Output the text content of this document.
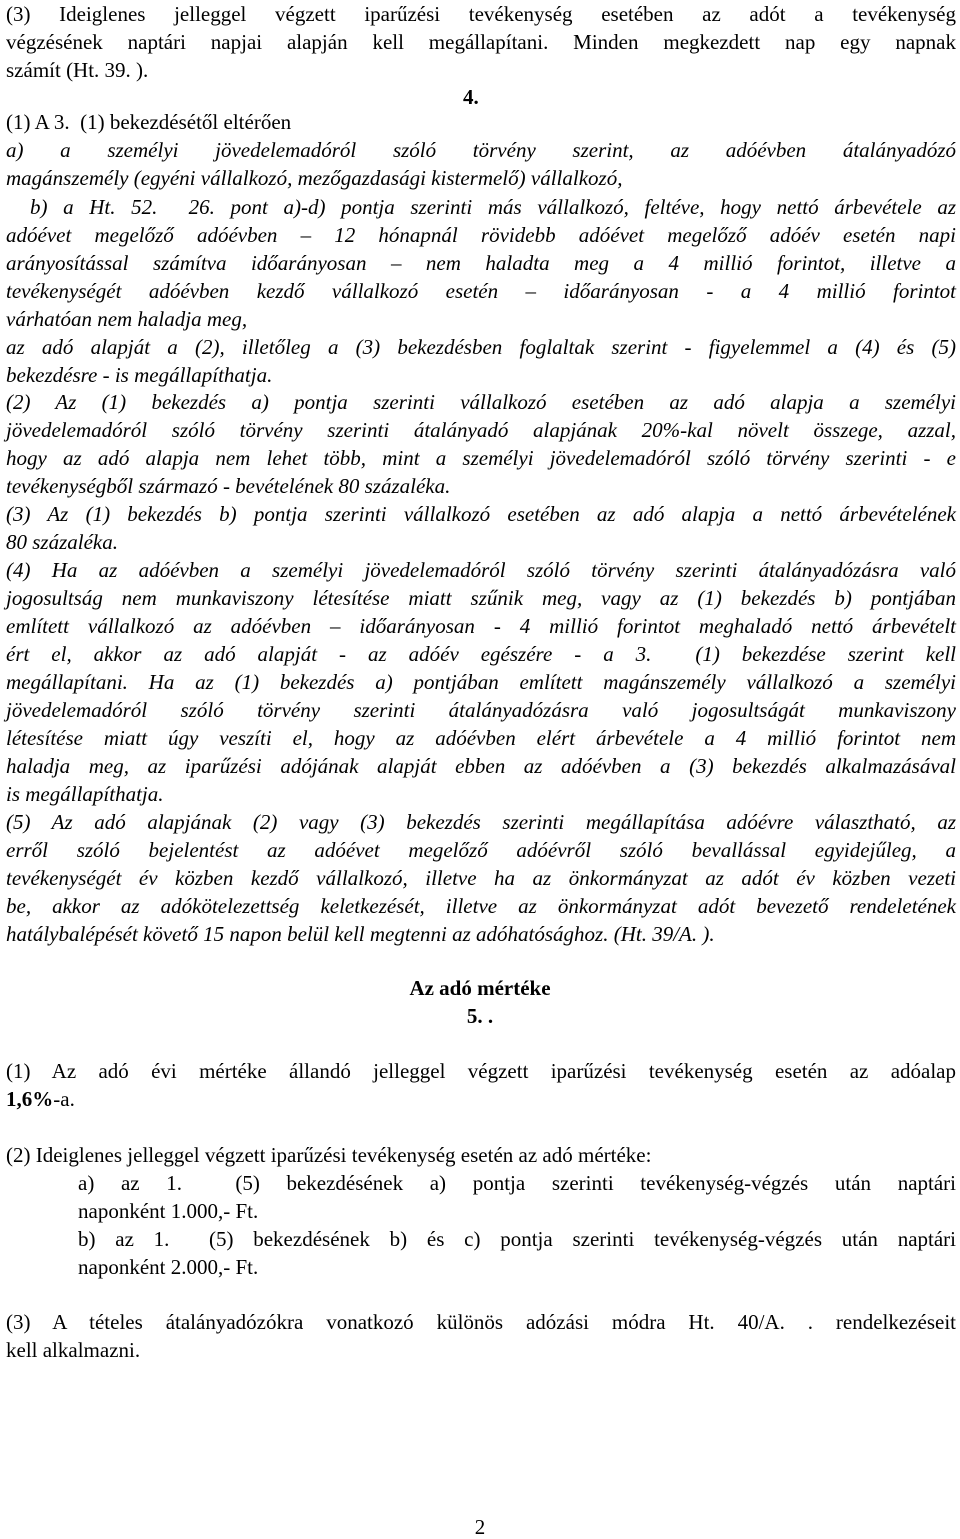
(3) Ideiglenes jelleggel végzett iparűzési tevékenység esetében az adót a tevékenység
végzésének naptári napjai alapján kell megállapítani. Minden megkezdett nap egy napnak
számít (Ht. 39. ).
4.
(1) A 3.  (1) bekezdésétől eltérően
a) a személyi jövedelemadóról szóló törvény szerint, az adóévben átalányadózó
magánszemély (egyéni vállalkozó, mezőgazdasági kistermelő) vállalkozó,
b) a Ht. 52.  26. pont a)-d) pontja szerinti más vállalkozó, feltéve, hogy nettó árbevétele az
adóévet megelőző adóévben – 12 hónapnál rövidebb adóévet megelőző adóév esetén napi
arányosítással számítva időarányosan – nem haladta meg a 4 millió forintot, illetve a
tevékenységét adóévben kezdő vállalkozó esetén – időarányosan - a 4 millió forintot
várhatóan nem haladja meg,
az adó alapját a (2), illetőleg a (3) bekezdésben foglaltak szerint - figyelemmel a (4) és (5)
bekezdésre - is megállapíthatja.
(2) Az (1) bekezdés a) pontja szerinti vállalkozó esetében az adó alapja a személyi
jövedelemadóról szóló törvény szerinti átalányadó alapjának 20%-kal növelt összege, azzal,
hogy az adó alapja nem lehet több, mint a személyi jövedelemadóról szóló törvény szerinti - e
tevékenységből származó - bevételének 80 százaléka.
(3) Az (1) bekezdés b) pontja szerinti vállalkozó esetében az adó alapja a nettó árbevételének
80 százaléka.
(4) Ha az adóévben a személyi jövedelemadóról szóló törvény szerinti átalányadózásra való
jogosultság nem munkaviszony létesítése miatt szűnik meg, vagy az (1) bekezdés b) pontjában
említett vállalkozó az adóévben – időarányosan - 4 millió forintot meghaladó nettó árbevételt
ért el, akkor az adó alapját - az adóév egészére - a 3.  (1) bekezdése szerint kell
megállapítani. Ha az (1) bekezdés a) pontjában említett magánszemély vállalkozó a személyi
jövedelemadóról szóló törvény szerinti átalányadózásra való jogosultságát munkaviszony
létesítése miatt úgy veszíti el, hogy az adóévben elért árbevétele a 4 millió forintot nem
haladja meg, az iparűzési adójának alapját ebben az adóévben a (3) bekezdés alkalmazásával
is megállapíthatja.
(5) Az adó alapjának (2) vagy (3) bekezdés szerinti megállapítása adóévre választható, az
erről szóló bejelentést az adóévet megelőző adóévről szóló bevallással egyidejűleg, a
tevékenységét év közben kezdő vállalkozó, illetve ha az önkormányzat az adót év közben vezeti
be, akkor az adókötelezettség keletkezését, illetve az önkormányzat adót bevezető rendeletének
hatálybalépését követő 15 napon belül kell megtenni az adóhatósághoz. (Ht. 39/A. ).
Az adó mértéke
5. .
(1) Az adó évi mértéke állandó jelleggel végzett iparűzési tevékenység esetén az adóalap
1,6%-a.
(2) Ideiglenes jelleggel végzett iparűzési tevékenység esetén az adó mértéke:
a) az 1.  (5) bekezdésének a) pontja szerinti tevékenység-végzés után naptári
naponként 1.000,- Ft.
b) az 1.  (5) bekezdésének b) és c) pontja szerinti tevékenység-végzés után naptári
naponként 2.000,- Ft.
(3) A tételes átalányadózókra vonatkozó különös adózási módra Ht. 40/A. . rendelkezéseit
kell alkalmazni.
2
